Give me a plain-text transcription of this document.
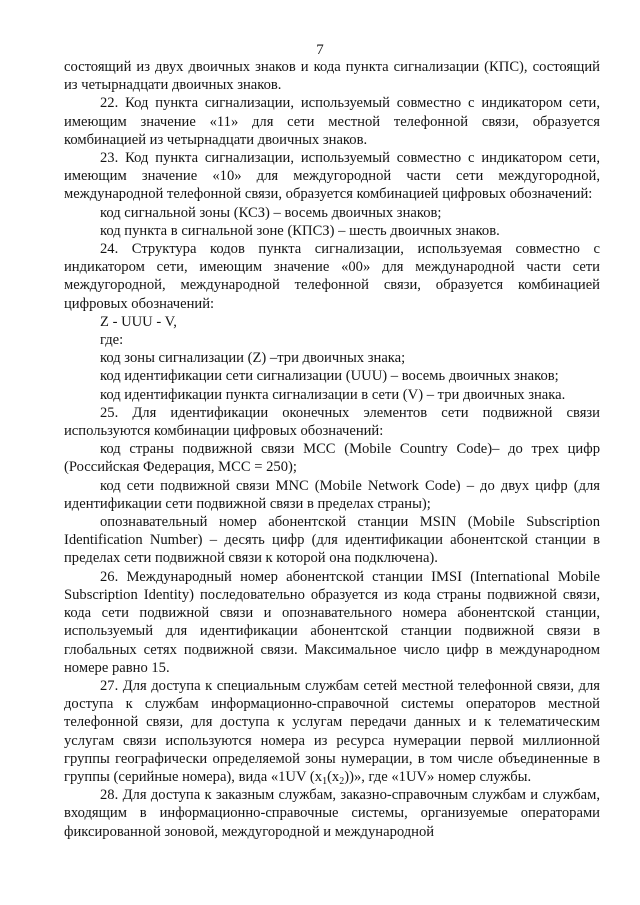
7

состоящий из двух двоичных знаков и кода пункта сигнализации (КПС), состоящий из четырнадцати двоичных знаков.

22. Код пункта сигнализации, используемый совместно с индикатором сети, имеющим значение «11» для сети местной телефонной связи, образуется комбинацией из четырнадцати двоичных знаков.

23. Код пункта сигнализации, используемый совместно с индикатором сети, имеющим значение «10» для междугородной части сети междугородной, международной телефонной связи, образуется комбинацией цифровых обозначений:

код сигнальной зоны (КСЗ) – восемь двоичных знаков;

код пункта в сигнальной зоне (КПСЗ) – шесть двоичных знаков.

24. Структура кодов пункта сигнализации, используемая совместно с индикатором сети, имеющим значение «00» для международной части сети междугородной, международной телефонной связи, образуется комбинацией цифровых обозначений:

Z - UUU - V,

где:

код зоны сигнализации (Z) –три двоичных знака;

код идентификации сети сигнализации (UUU) – восемь двоичных знаков;

код идентификации пункта сигнализации в сети (V) – три двоичных знака.

25. Для идентификации оконечных элементов сети подвижной связи используются комбинации цифровых обозначений:

код страны подвижной связи MCC (Mobile Country Code)– до трех цифр (Российская Федерация, MCC = 250);

код сети подвижной связи MNC (Mobile Network Code) – до двух цифр (для идентификации сети подвижной связи в пределах страны);

опознавательный номер абонентской станции MSIN (Mobile Subscription Identification Number) – десять цифр (для идентификации абонентской станции в пределах сети подвижной связи к которой она подключена).

26. Международный номер абонентской станции IMSI (International Mobile Subscription Identity) последовательно образуется из кода страны подвижной связи, кода сети подвижной связи и опознавательного номера абонентской станции, используемый для идентификации абонентской станции подвижной связи в глобальных сетях подвижной связи. Максимальное число цифр в международном номере равно 15.

27. Для доступа к специальным службам сетей местной телефонной связи, для доступа к службам информационно-справочной системы операторов местной телефонной связи, для доступа к услугам передачи данных и к телематическим услугам связи используются номера из ресурса нумерации первой миллионной группы географически определяемой зоны нумерации, в том числе объединенные в группы (серийные номера), вида «1UV $(x_1(x_2))$», где «1UV» номер службы.

28. Для доступа к заказным службам, заказно-справочным службам и службам, входящим в информационно-справочные системы, организуемые операторами фиксированной зоновой, междугородной и международной
